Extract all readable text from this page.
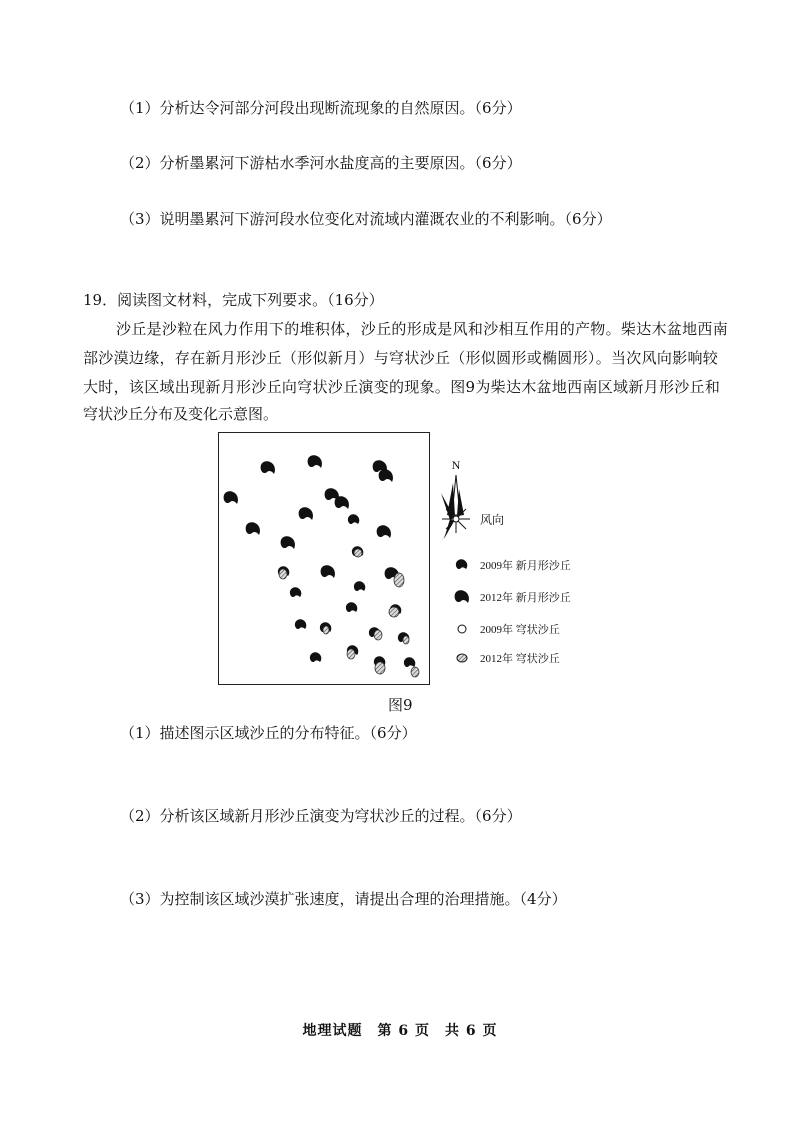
（1）分析达令河部分河段出现断流现象的自然原因。（6分）
（2）分析墨累河下游枯水季河水盐度高的主要原因。（6分）
（3）说明墨累河下游河段水位变化对流域内灌溉农业的不利影响。（6分）
19．阅读图文材料，完成下列要求。（16分）
沙丘是沙粒在风力作用下的堆积体，沙丘的形成是风和沙相互作用的产物。柴达木盆地西南
部沙漠边缘，存在新月形沙丘（形似新月）与穹状沙丘（形似圆形或椭圆形）。当次风向影响较
大时，该区域出现新月形沙丘向穹状沙丘演变的现象。图9为柴达木盆地西南区域新月形沙丘和
穹状沙丘分布及变化示意图。
N
风向
2009年 新月形沙丘
2012年 新月形沙丘
2009年 穹状沙丘
2012年 穹状沙丘
图9
（1）描述图示区域沙丘的分布特征。（6分）
（2）分析该区域新月形沙丘演变为穹状沙丘的过程。（6分）
（3）为控制该区域沙漠扩张速度，请提出合理的治理措施。（4分）
地理试题　第 6 页　共 6 页
